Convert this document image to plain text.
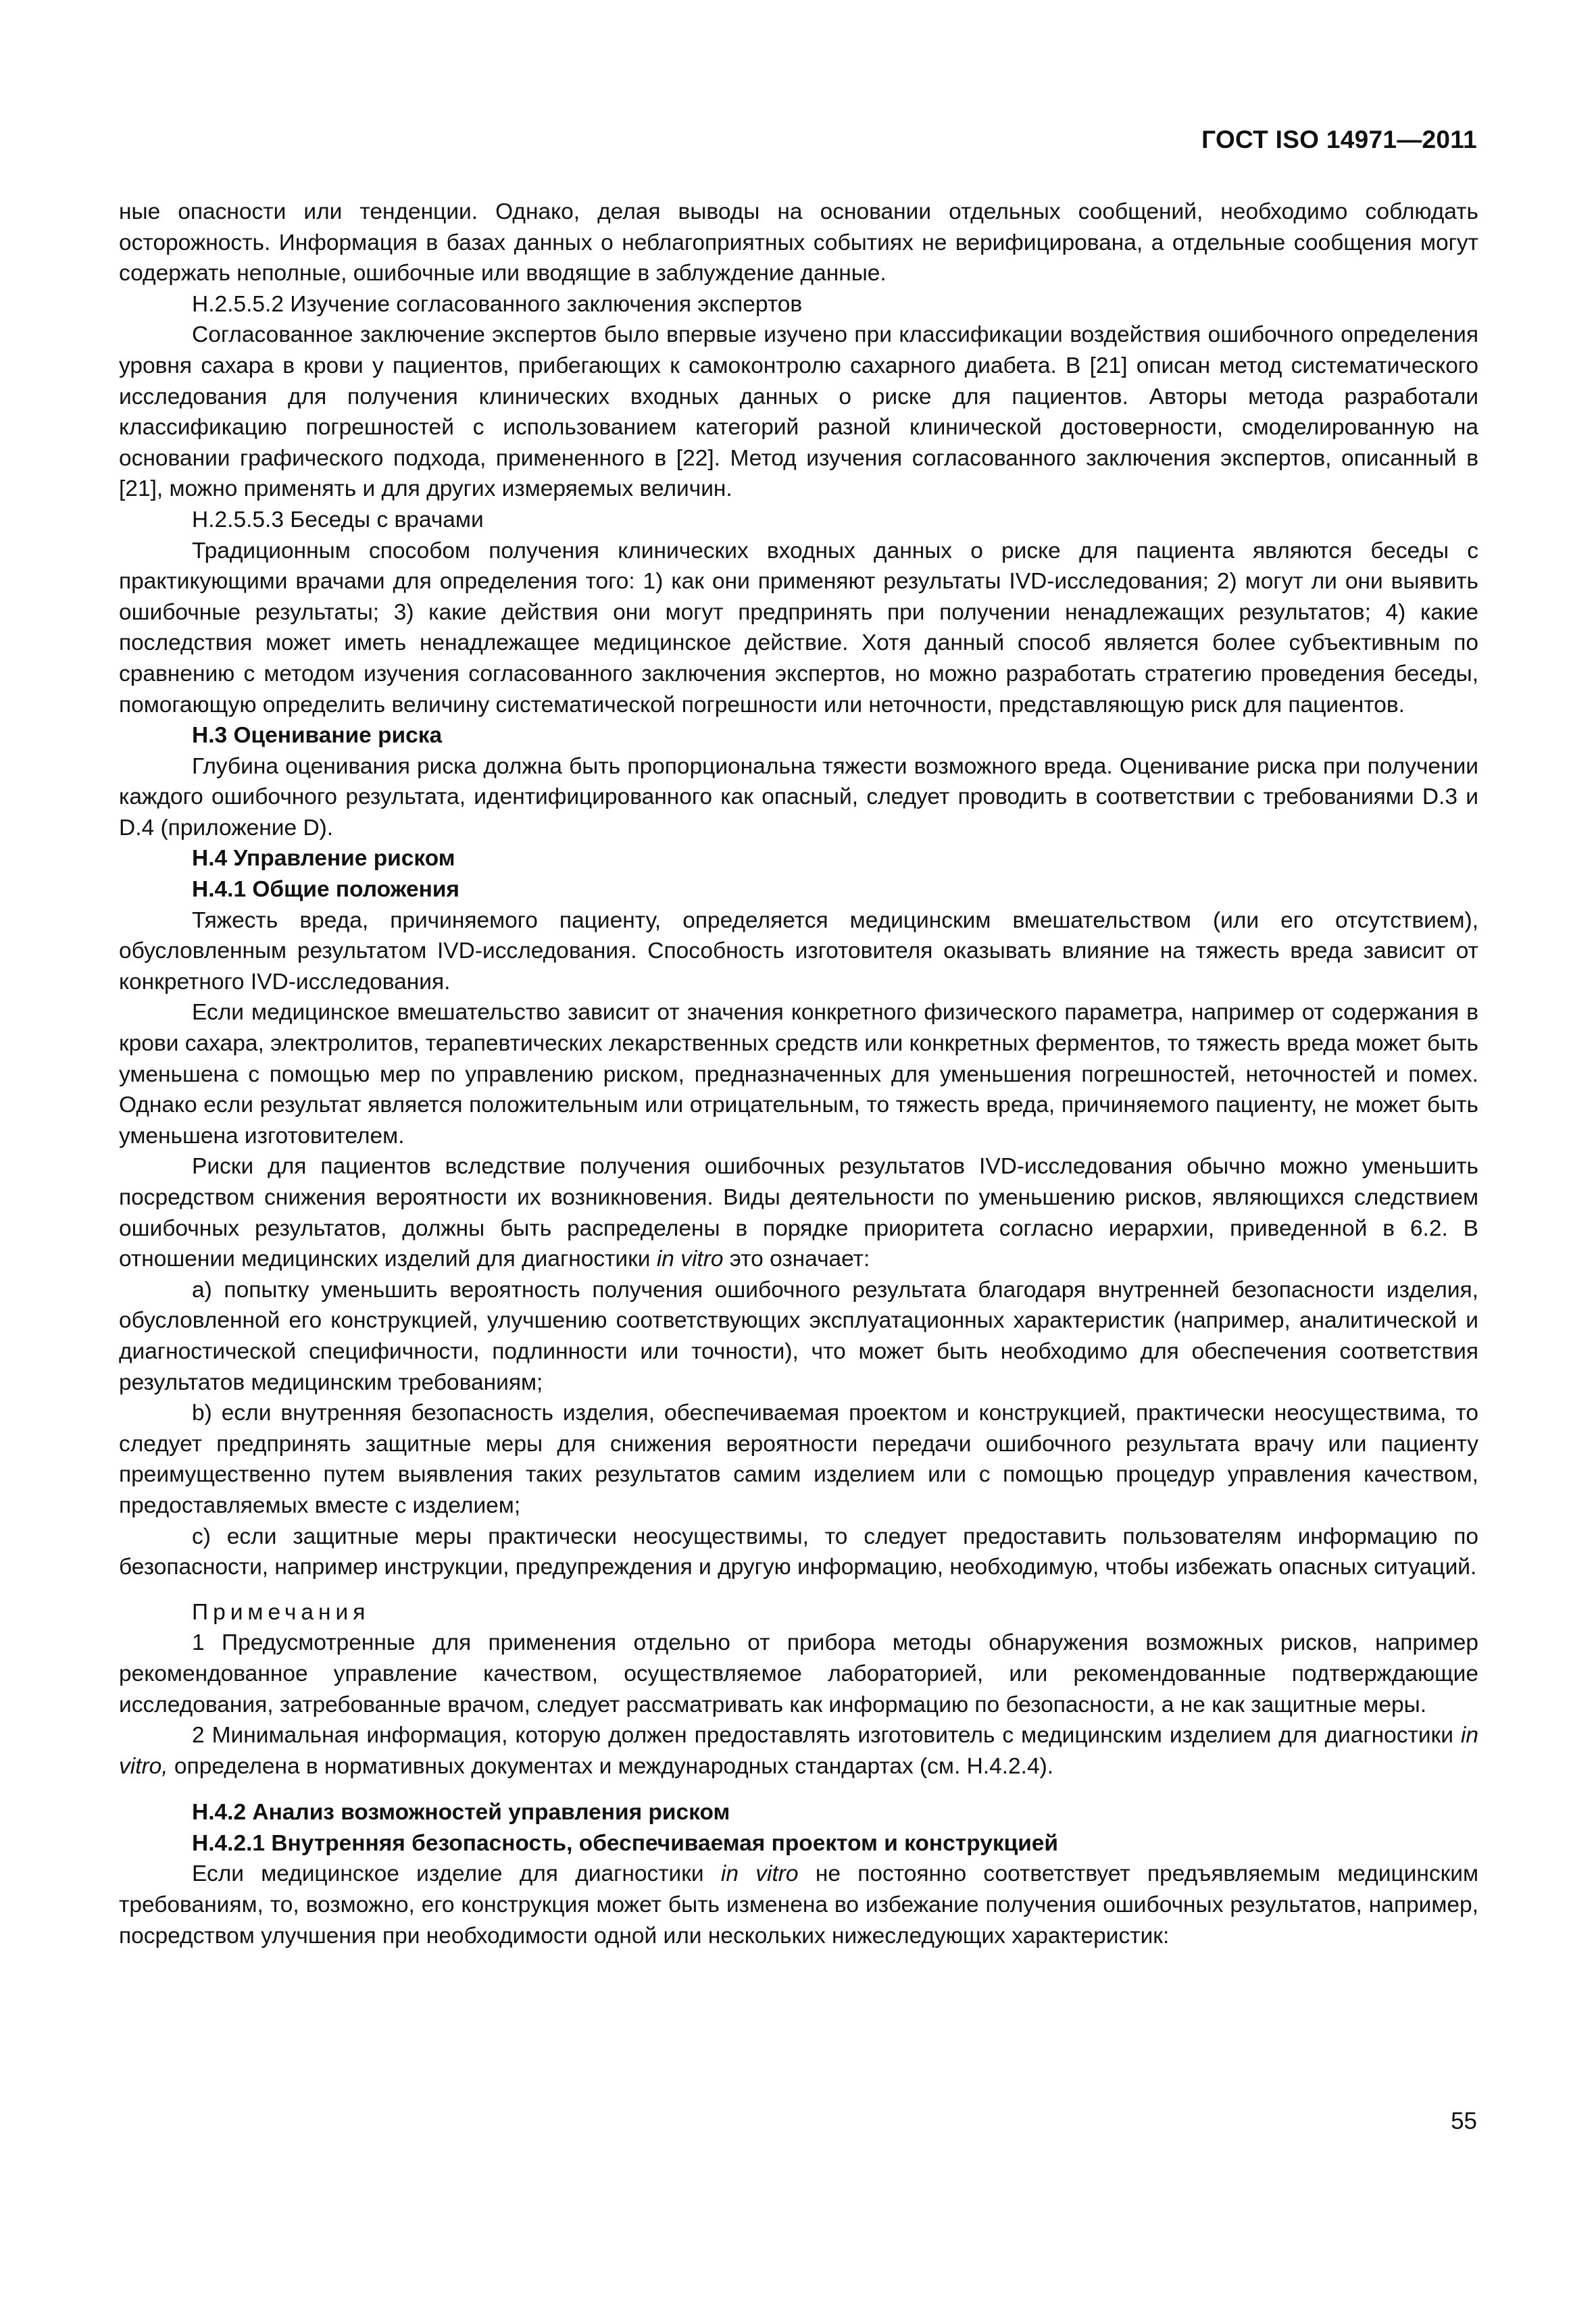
ГОСТ ISO 14971—2011

ные опасности или тенденции. Однако, делая выводы на основании отдельных сообщений, необходимо соблюдать осторожность. Информация в базах данных о неблагоприятных событиях не верифицирована, а отдельные сообщения могут содержать неполные, ошибочные или вводящие в заблуждение данные.

Н.2.5.5.2 Изучение согласованного заключения экспертов

Согласованное заключение экспертов было впервые изучено при классификации воздействия ошибочного определения уровня сахара в крови у пациентов, прибегающих к самоконтролю сахарного диабета. В [21] описан метод систематического исследования для получения клинических входных данных о риске для пациентов. Авторы метода разработали классификацию погрешностей с использованием категорий разной клинической достоверности, смоделированную на основании графического подхода, примененного в [22]. Метод изучения согласованного заключения экспертов, описанный в [21], можно применять и для других измеряемых величин.

Н.2.5.5.3 Беседы с врачами

Традиционным способом получения клинических входных данных о риске для пациента являются беседы с практикующими врачами для определения того: 1) как они применяют результаты IVD-исследования; 2) могут ли они выявить ошибочные результаты; 3) какие действия они могут предпринять при получении ненадлежащих результатов; 4) какие последствия может иметь ненадлежащее медицинское действие. Хотя данный способ является более субъективным по сравнению с методом изучения согласованного заключения экспертов, но можно разработать стратегию проведения беседы, помогающую определить величину систематической погрешности или неточности, представляющую риск для пациентов.

Н.3 Оценивание риска

Глубина оценивания риска должна быть пропорциональна тяжести возможного вреда. Оценивание риска при получении каждого ошибочного результата, идентифицированного как опасный, следует проводить в соответствии с требованиями D.3 и D.4 (приложение D).

Н.4 Управление риском

Н.4.1 Общие положения

Тяжесть вреда, причиняемого пациенту, определяется медицинским вмешательством (или его отсутствием), обусловленным результатом IVD-исследования. Способность изготовителя оказывать влияние на тяжесть вреда зависит от конкретного IVD-исследования.

Если медицинское вмешательство зависит от значения конкретного физического параметра, например от содержания в крови сахара, электролитов, терапевтических лекарственных средств или конкретных ферментов, то тяжесть вреда может быть уменьшена с помощью мер по управлению риском, предназначенных для уменьшения погрешностей, неточностей и помех. Однако если результат является положительным или отрицательным, то тяжесть вреда, причиняемого пациенту, не может быть уменьшена изготовителем.

Риски для пациентов вследствие получения ошибочных результатов IVD-исследования обычно можно уменьшить посредством снижения вероятности их возникновения. Виды деятельности по уменьшению рисков, являющихся следствием ошибочных результатов, должны быть распределены в порядке приоритета согласно иерархии, приведенной в 6.2. В отношении медицинских изделий для диагностики in vitro это означает:

a) попытку уменьшить вероятность получения ошибочного результата благодаря внутренней безопасности изделия, обусловленной его конструкцией, улучшению соответствующих эксплуатационных характеристик (например, аналитической и диагностической специфичности, подлинности или точности), что может быть необходимо для обеспечения соответствия результатов медицинским требованиям;

b) если внутренняя безопасность изделия, обеспечиваемая проектом и конструкцией, практически неосуществима, то следует предпринять защитные меры для снижения вероятности передачи ошибочного результата врачу или пациенту преимущественно путем выявления таких результатов самим изделием или с помощью процедур управления качеством, предоставляемых вместе с изделием;

c) если защитные меры практически неосуществимы, то следует предоставить пользователям информацию по безопасности, например инструкции, предупреждения и другую информацию, необходимую, чтобы избежать опасных ситуаций.

Примечания

1 Предусмотренные для применения отдельно от прибора методы обнаружения возможных рисков, например рекомендованное управление качеством, осуществляемое лабораторией, или рекомендованные подтверждающие исследования, затребованные врачом, следует рассматривать как информацию по безопасности, а не как защитные меры.

2 Минимальная информация, которую должен предоставлять изготовитель с медицинским изделием для диагностики in vitro, определена в нормативных документах и международных стандартах (см. Н.4.2.4).

Н.4.2 Анализ возможностей управления риском

Н.4.2.1 Внутренняя безопасность, обеспечиваемая проектом и конструкцией

Если медицинское изделие для диагностики in vitro не постоянно соответствует предъявляемым медицинским требованиям, то, возможно, его конструкция может быть изменена во избежание получения ошибочных результатов, например, посредством улучшения при необходимости одной или нескольких нижеследующих характеристик:

55
